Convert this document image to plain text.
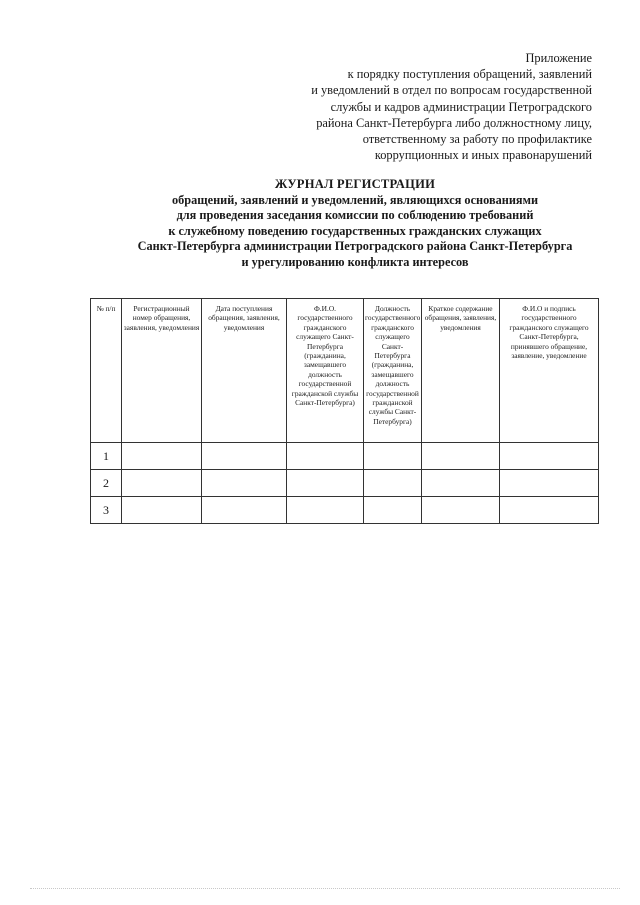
Приложение
к порядку поступления обращений, заявлений
и уведомлений в отдел по вопросам государственной
службы и кадров администрации Петроградского
района Санкт-Петербурга либо должностному лицу,
ответственному за работу по профилактике
коррупционных и иных правонарушений
ЖУРНАЛ РЕГИСТРАЦИИ
обращений, заявлений и уведомлений, являющихся основаниями
для проведения заседания комиссии по соблюдению требований
к служебному поведению государственных гражданских служащих
Санкт-Петербурга администрации Петроградского района Санкт-Петербурга
и урегулированию конфликта интересов
№ п/п	Регистрационный номер обращения, заявления, уведомления	Дата поступления обращения, заявления, уведомления	Ф.И.О. государственного гражданского служащего Санкт-Петербурга (гражданина, замещавшего должность государственной гражданской службы Санкт-Петербурга)	Должность государственного гражданского служащего Санкт-Петербурга (гражданина, замещавшего должность государственной гражданской службы Санкт-Петербурга)	Краткое содержание обращения, заявления, уведомления	Ф.И.О и подпись государственного гражданского служащего Санкт-Петербурга, принявшего обращение, заявление, уведомление

1						
2						
3						
